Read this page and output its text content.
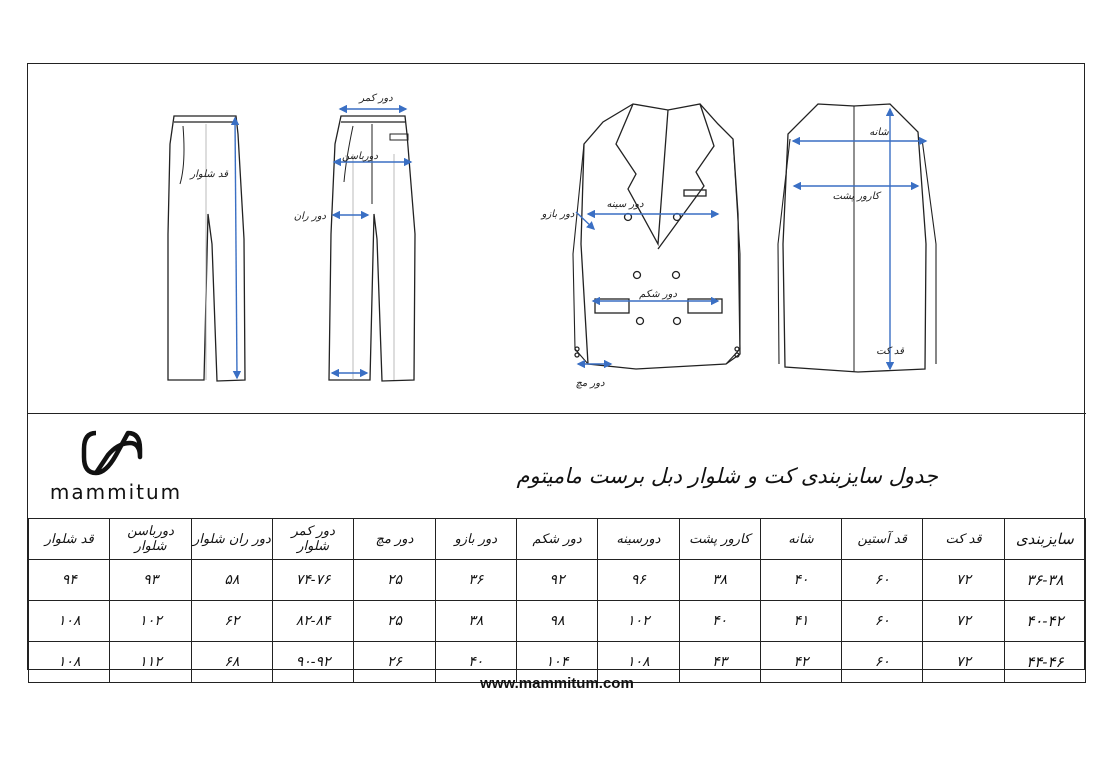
قد شلوار
دور کمر
دورباسن
دور ران
دور سینه
دور بازو
دور شکم
دور مچ
شانه
کارور پشت
قد کت
mammitum
جدول سایزبندی کت و شلوار دبل برست مامیتوم
سایزبندی	قد کت	قد آستین	شانه	کارور پشت	دورسینه	دور شکم	دور بازو	دور مچ	دور کمر شلوار	دور ران شلوار	دورباسن شلوار	قد شلوار
۳۶-۳۸	۷۲	۶۰	۴۰	۳۸	۹۶	۹۲	۳۶	۲۵	۷۴-۷۶	۵۸	۹۳	۹۴
۴۰-۴۲	۷۲	۶۰	۴۱	۴۰	۱۰۲	۹۸	۳۸	۲۵	۸۲-۸۴	۶۲	۱۰۲	۱۰۸
۴۴-۴۶	۷۲	۶۰	۴۲	۴۳	۱۰۸	۱۰۴	۴۰	۲۶	۹۰-۹۲	۶۸	۱۱۲	۱۰۸
www.mammitum.com
